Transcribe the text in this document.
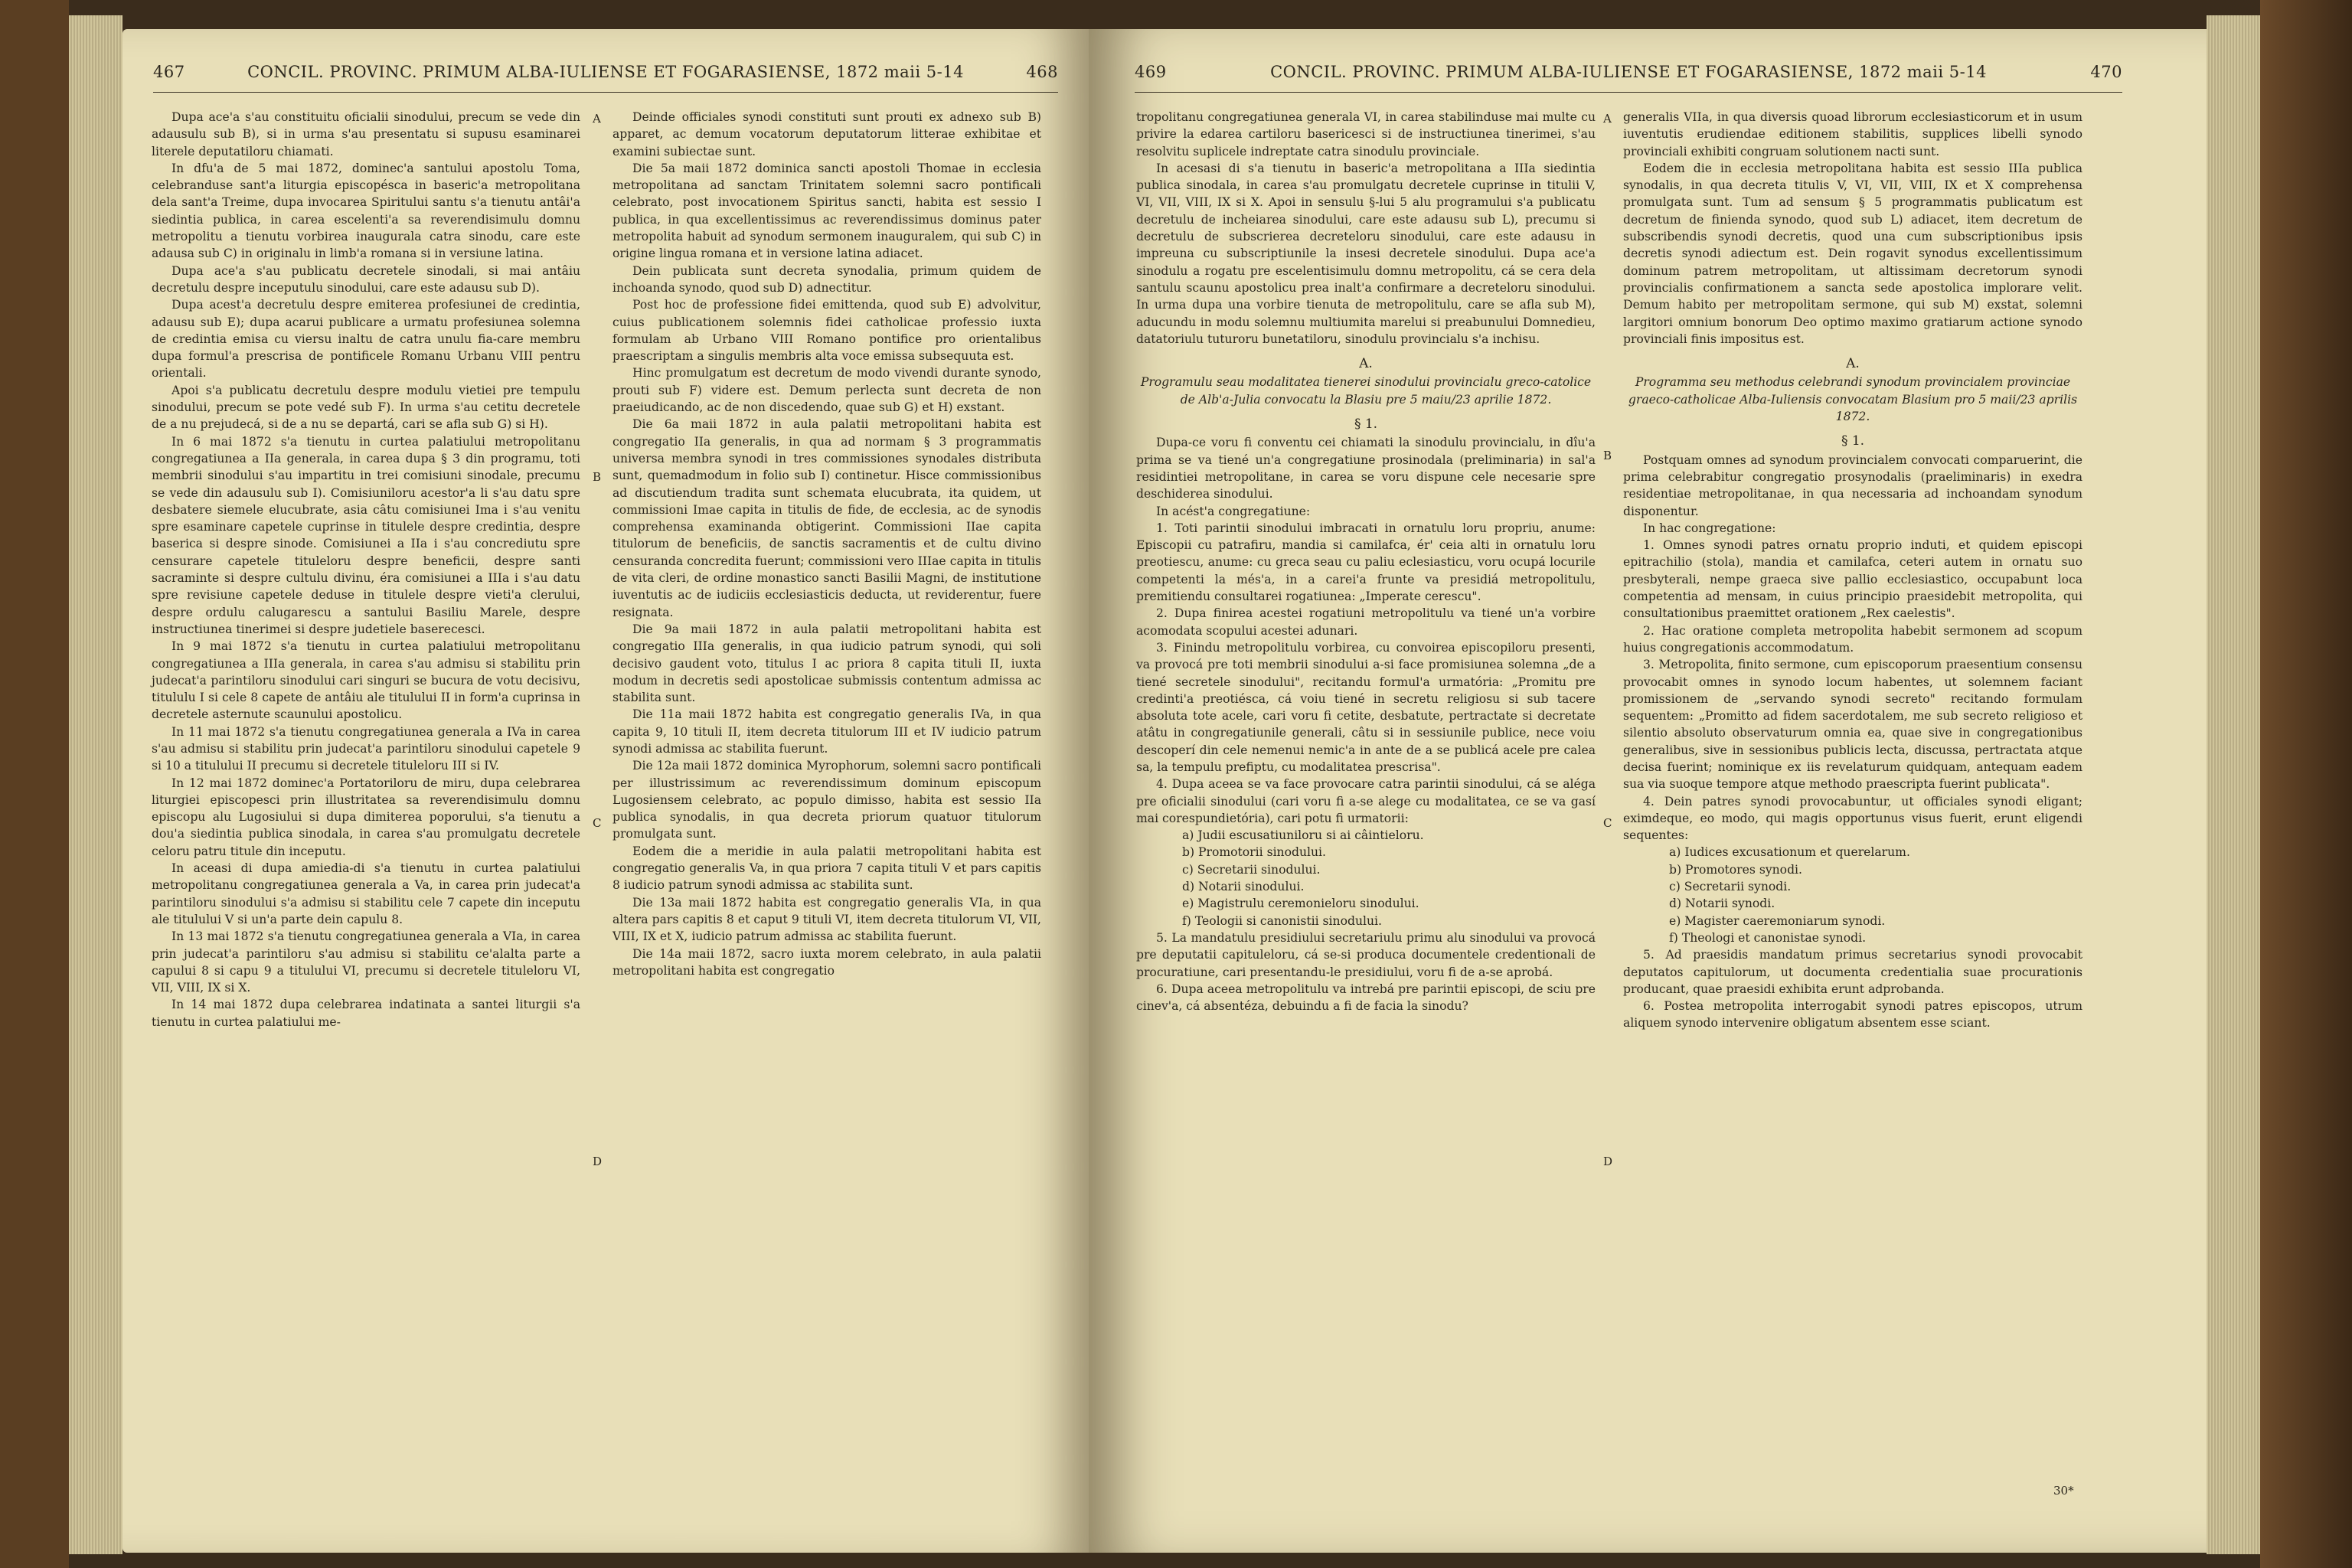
467	CONCIL. PROVINC. PRIMUM ALBA-IULIENSE ET FOGARASIENSE, 1872 maii 5-14	468

Dupa ace'a s'au constituitu oficialii sinodului, precum se vede din adausulu sub B), si in urma s'au presentatu si supusu esaminarei literele deputatiloru chiamati.

In dfu'a de 5 mai 1872, dominec'a santului apostolu Toma, celebranduse sant'a liturgia episcopésca in baseric'a metropolitana dela sant'a Treime, dupa invocarea Spiritului santu s'a tienutu antâi'a siedintia publica, in carea escelenti'a sa reverendisimulu domnu metropolitu a tienutu vorbirea inaugurala catra sinodu, care este adausa sub C) in originalu in limb'a romana si in versiune latina.

Dupa ace'a s'au publicatu decretele sinodali, si mai antâiu decretulu despre inceputulu sinodului, care este adausu sub D).

Dupa acest'a decretulu despre emiterea profesiunei de credintia, adausu sub E); dupa acarui publicare a urmatu profesiunea solemna de credintia emisa cu viersu inaltu de catra unulu fia-care membru dupa formul'a prescrisa de pontificele Romanu Urbanu VIII pentru orientali.

Apoi s'a publicatu decretulu despre modulu vietiei pre tempulu sinodului, precum se pote vedé sub F). In urma s'au cetitu decretele de a nu prejudecá, si de a nu se departá, cari se afla sub G) si H).

In 6 mai 1872 s'a tienutu in curtea palatiului metropolitanu congregatiunea a IIa generala, in carea dupa § 3 din programu, toti membrii sinodului s'au impartitu in trei comisiuni sinodale, precumu se vede din adausulu sub I). Comisiuniloru acestor'a li s'au datu spre desbatere siemele elucubrate, asia câtu comisiunei Ima i s'au venitu spre esaminare capetele cuprinse in titulele despre credintia, despre baserica si despre sinode. Comisiunei a IIa i s'au concrediutu spre censurare capetele tituleloru despre beneficii, despre santi sacraminte si despre cultulu divinu, éra comisiunei a IIIa i s'au datu spre revisiune capetele deduse in titulele despre vieti'a clerului, despre ordulu calugarescu a santului Basiliu Marele, despre instructiunea tinerimei si despre judetiele baserecesci.

In 9 mai 1872 s'a tienutu in curtea palatiului metropolitanu congregatiunea a IIIa generala, in carea s'au admisu si stabilitu prin judecat'a parintiloru sinodului cari singuri se bucura de votu decisivu, titululu I si cele 8 capete de antâiu ale titulului II in form'a cuprinsa in decretele asternute scaunului apostolicu.

In 11 mai 1872 s'a tienutu congregatiunea generala a IVa in carea s'au admisu si stabilitu prin judecat'a parintiloru sinodului capetele 9 si 10 a titulului II precumu si decretele tituleloru III si IV.

In 12 mai 1872 dominec'a Portatoriloru de miru, dupa celebrarea liturgiei episcopesci prin illustritatea sa reverendisimulu domnu episcopu alu Lugosiului si dupa dimiterea poporului, s'a tienutu a dou'a siedintia publica sinodala, in carea s'au promulgatu decretele celoru patru titule din inceputu.

In aceasi di dupa amiedia-di s'a tienutu in curtea palatiului metropolitanu congregatiunea generala a Va, in carea prin judecat'a parintiloru sinodului s'a admisu si stabilitu cele 7 capete din inceputu ale titulului V si un'a parte dein capulu 8.

In 13 mai 1872 s'a tienutu congregatiunea generala a VIa, in carea prin judecat'a parintiloru s'au admisu si stabilitu ce'alalta parte a capului 8 si capu 9 a titulului VI, precumu si decretele tituleloru VI, VII, VIII, IX si X.

In 14 mai 1872 dupa celebrarea indatinata a santei liturgii s'a tienutu in curtea palatiului me-

A
B
C
D

Deinde officiales synodi constituti sunt prouti ex adnexo sub B) apparet, ac demum vocatorum deputatorum litterae exhibitae et examini subiectae sunt.

Die 5a maii 1872 dominica sancti apostoli Thomae in ecclesia metropolitana ad sanctam Trinitatem solemni sacro pontificali celebrato, post invocationem Spiritus sancti, habita est sessio I publica, in qua excellentissimus ac reverendissimus dominus pater metropolita habuit ad synodum sermonem inauguralem, qui sub C) in origine lingua romana et in versione latina adiacet.

Dein publicata sunt decreta synodalia, primum quidem de inchoanda synodo, quod sub D) adnectitur.

Post hoc de professione fidei emittenda, quod sub E) advolvitur, cuius publicationem solemnis fidei catholicae professio iuxta formulam ab Urbano VIII Romano pontifice pro orientalibus praescriptam a singulis membris alta voce emissa subsequuta est.

Hinc promulgatum est decretum de modo vivendi durante synodo, prouti sub F) videre est. Demum perlecta sunt decreta de non praeiudicando, ac de non discedendo, quae sub G) et H) exstant.

Die 6a maii 1872 in aula palatii metropolitani habita est congregatio IIa generalis, in qua ad normam § 3 programmatis universa membra synodi in tres commissiones synodales distributa sunt, quemadmodum in folio sub I) continetur. Hisce commissionibus ad discutiendum tradita sunt schemata elucubrata, ita quidem, ut commissioni Imae capita in titulis de fide, de ecclesia, ac de synodis comprehensa examinanda obtigerint. Commissioni IIae capita titulorum de beneficiis, de sanctis sacramentis et de cultu divino censuranda concredita fuerunt; commissioni vero IIIae capita in titulis de vita cleri, de ordine monastico sancti Basilii Magni, de institutione iuventutis ac de iudiciis ecclesiasticis deducta, ut reviderentur, fuere resignata.

Die 9a maii 1872 in aula palatii metropolitani habita est congregatio IIIa generalis, in qua iudicio patrum synodi, qui soli decisivo gaudent voto, titulus I ac priora 8 capita tituli II, iuxta modum in decretis sedi apostolicae submissis contentum admissa ac stabilita sunt.

Die 11a maii 1872 habita est congregatio generalis IVa, in qua capita 9, 10 tituli II, item decreta titulorum III et IV iudicio patrum synodi admissa ac stabilita fuerunt.

Die 12a maii 1872 dominica Myrophorum, solemni sacro pontificali per illustrissimum ac reverendissimum dominum episcopum Lugosiensem celebrato, ac populo dimisso, habita est sessio IIa publica synodalis, in qua decreta priorum quatuor titulorum promulgata sunt.

Eodem die a meridie in aula palatii metropolitani habita est congregatio generalis Va, in qua priora 7 capita tituli V et pars capitis 8 iudicio patrum synodi admissa ac stabilita sunt.

Die 13a maii 1872 habita est congregatio generalis VIa, in qua altera pars capitis 8 et caput 9 tituli VI, item decreta titulorum VI, VII, VIII, IX et X, iudicio patrum admissa ac stabilita fuerunt.

Die 14a maii 1872, sacro iuxta morem celebrato, in aula palatii metropolitani habita est congregatio

469	CONCIL. PROVINC. PRIMUM ALBA-IULIENSE ET FOGARASIENSE, 1872 maii 5-14	470

tropolitanu congregatiunea generala VI, in carea stabilinduse mai multe cu privire la edarea cartiloru basericesci si de instructiunea tinerimei, s'au resolvitu suplicele indreptate catra sinodulu provinciale.

In acesasi di s'a tienutu in baseric'a metropolitana a IIIa siedintia publica sinodala, in carea s'au promulgatu decretele cuprinse in titulii V, VI, VII, VIII, IX si X. Apoi in sensulu §-lui 5 alu programului s'a publicatu decretulu de incheiarea sinodului, care este adausu sub L), precumu si decretulu de subscrierea decreteloru sinodului, care este adausu in impreuna cu subscriptiunile la insesi decretele sinodului. Dupa ace'a sinodulu a rogatu pre escelentisimulu domnu metropolitu, cá se cera dela santulu scaunu apostolicu prea inalt'a confirmare a decreteloru sinodului. In urma dupa una vorbire tienuta de metropolitulu, care se afla sub M), aducundu in modu solemnu multiumita marelui si preabunului Domnedieu, datatoriulu tuturoru bunetatiloru, sinodulu provincialu s'a inchisu.

A.

Programulu seau modalitatea tienerei sinodului provincialu greco-catolice de Alb'a-Julia convocatu la Blasiu pre 5 maiu/23 aprilie 1872.

§ 1.

Dupa-ce voru fi conventu cei chiamati la sinodulu provincialu, in dîu'a prima se va tiené un'a congregatiune prosinodala (preliminaria) in sal'a residintiei metropolitane, in carea se voru dispune cele necesarie spre deschiderea sinodului.

In acést'a congregatiune:

1. Toti parintii sinodului imbracati in ornatulu loru propriu, anume: Episcopii cu patrafiru, mandia si camilafca, ér' ceia alti in ornatulu loru preotiescu, anume: cu greca seau cu paliu eclesiasticu, voru ocupá locurile competenti la més'a, in a carei'a frunte va presidiá metropolitulu, premitiendu consultarei rogatiunea: „Imperate cerescu".

2. Dupa finirea acestei rogatiuni metropolitulu va tiené un'a vorbire acomodata scopului acestei adunari.

3. Finindu metropolitulu vorbirea, cu convoirea episcopiloru presenti, va provocá pre toti membrii sinodului a-si face promisiunea solemna „de a tiené secretele sinodului", recitandu formul'a urmatória: „Promitu pre credinti'a preotiésca, cá voiu tiené in secretu religiosu si sub tacere absoluta tote acele, cari voru fi cetite, desbatute, pertractate si decretate atâtu in congregatiunile generali, câtu si in sessiunile publice, nece voiu descoperí din cele nemenui nemic'a in ante de a se publicá acele pre calea sa, la tempulu prefiptu, cu modalitatea prescrisa".

4. Dupa aceea se va face provocare catra parintii sinodului, cá se aléga pre oficialii sinodului (cari voru fi a-se alege cu modalitatea, ce se va gasí mai corespundietória), cari potu fi urmatorii:

a) Judii escusatiuniloru si ai câintieloru.

b) Promotorii sinodului.

c) Secretarii sinodului.

d) Notarii sinodului.

e) Magistrulu ceremonieloru sinodului.

f) Teologii si canonistii sinodului.

5. La mandatulu presidiului secretariulu primu alu sinodului va provocá pre deputatii capituleloru, cá se-si produca documentele credentionali de procuratiune, cari presentandu-le presidiului, voru fi de a-se aprobá.

6. Dupa aceea metropolitulu va intrebá pre parintii episcopi, de sciu pre cinev'a, cá absentéza, debuindu a fi de facia la sinodu?

A
B
C
D

generalis VIIa, in qua diversis quoad librorum ecclesiasticorum et in usum iuventutis erudiendae editionem stabilitis, supplices libelli synodo provinciali exhibiti congruam solutionem nacti sunt.

Eodem die in ecclesia metropolitana habita est sessio IIIa publica synodalis, in qua decreta titulis V, VI, VII, VIII, IX et X comprehensa promulgata sunt. Tum ad sensum § 5 programmatis publicatum est decretum de finienda synodo, quod sub L) adiacet, item decretum de subscribendis synodi decretis, quod una cum subscriptionibus ipsis decretis synodi adiectum est. Dein rogavit synodus excellentissimum dominum patrem metropolitam, ut altissimam decretorum synodi provincialis confirmationem a sancta sede apostolica implorare velit. Demum habito per metropolitam sermone, qui sub M) exstat, solemni largitori omnium bonorum Deo optimo maximo gratiarum actione synodo provinciali finis impositus est.

A.

Programma seu methodus celebrandi synodum provincialem provinciae graeco-catholicae Alba-Iuliensis convocatam Blasium pro 5 maii/23 aprilis 1872.

§ 1.

Postquam omnes ad synodum provincialem convocati comparuerint, die prima celebrabitur congregatio prosynodalis (praeliminaris) in exedra residentiae metropolitanae, in qua necessaria ad inchoandam synodum disponentur.

In hac congregatione:

1. Omnes synodi patres ornatu proprio induti, et quidem episcopi epitrachilio (stola), mandia et camilafca, ceteri autem in ornatu suo presbyterali, nempe graeca sive pallio ecclesiastico, occupabunt loca competentia ad mensam, in cuius principio praesidebit metropolita, qui consultationibus praemittet orationem „Rex caelestis".

2. Hac oratione completa metropolita habebit sermonem ad scopum huius congregationis accommodatum.

3. Metropolita, finito sermone, cum episcoporum praesentium consensu provocabit omnes in synodo locum habentes, ut solemnem faciant promissionem de „servando synodi secreto" recitando formulam sequentem: „Promitto ad fidem sacerdotalem, me sub secreto religioso et silentio absoluto observaturum omnia ea, quae sive in congregationibus generalibus, sive in sessionibus publicis lecta, discussa, pertractata atque decisa fuerint; nominique ex iis revelaturum quidquam, antequam eadem sua via suoque tempore atque methodo praescripta fuerint publicata".

4. Dein patres synodi provocabuntur, ut officiales synodi eligant; eximdeque, eo modo, qui magis opportunus visus fuerit, erunt eligendi sequentes:

a) Iudices excusationum et querelarum.

b) Promotores synodi.

c) Secretarii synodi.

d) Notarii synodi.

e) Magister caeremoniarum synodi.

f) Theologi et canonistae synodi.

5. Ad praesidis mandatum primus secretarius synodi provocabit deputatos capitulorum, ut documenta credentialia suae procurationis producant, quae praesidi exhibita erunt adprobanda.

6. Postea metropolita interrogabit synodi patres episcopos, utrum aliquem synodo intervenire obligatum absentem esse sciant.

30*
